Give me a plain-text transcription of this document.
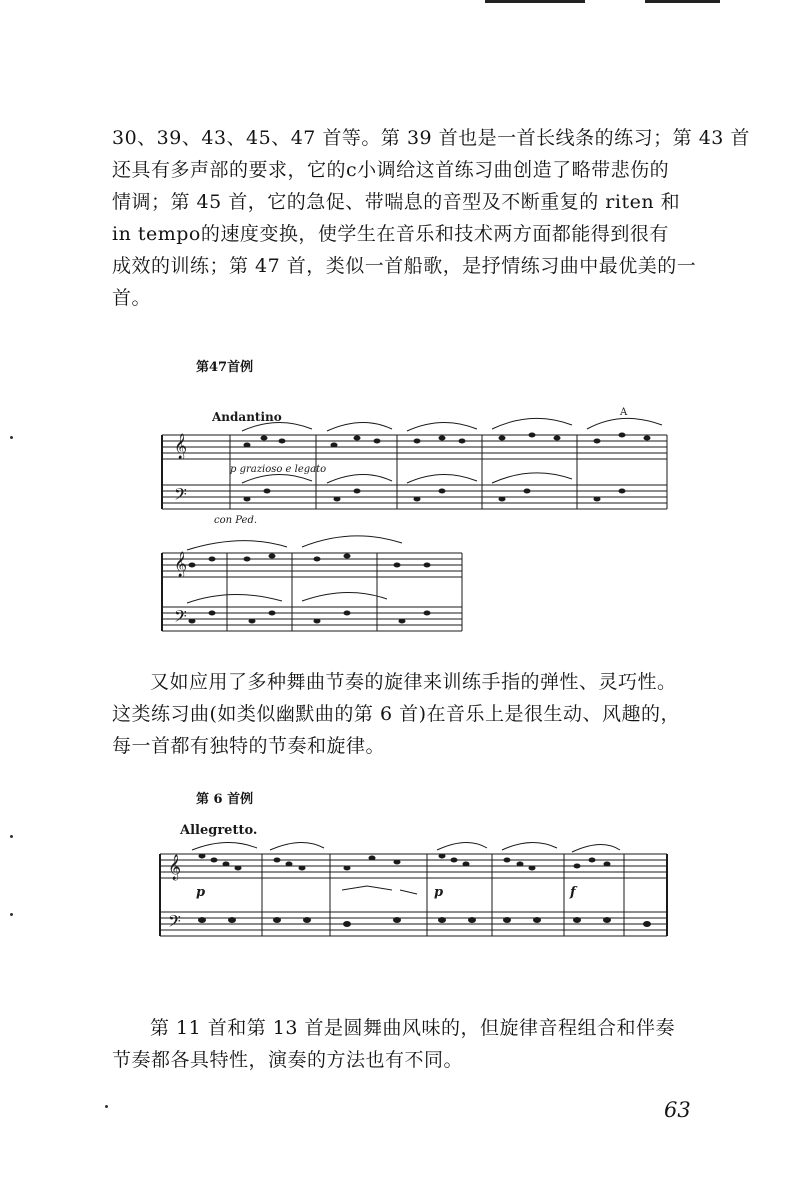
30、39、43、45、47 首等。第 39 首也是一首长线条的练习；第 43 首
还具有多声部的要求，它的c小调给这首练习曲创造了略带悲伤的
情调；第 45 首，它的急促、带喘息的音型及不断重复的 riten 和
in tempo的速度变换，使学生在音乐和技术两方面都能得到很有
成效的训练；第 47 首，类似一首船歌，是抒情练习曲中最优美的一
首。
第47首例
𝄞
𝄢
𝄞
𝄢
Andantino	A
p grazioso e legato
con Ped.
又如应用了多种舞曲节奏的旋律来训练手指的弹性、灵巧性。
这类练习曲(如类似幽默曲的第 6 首)在音乐上是很生动、风趣的，
每一首都有独特的节奏和旋律。
第 6 首例
𝄞
𝄢
Allegretto.
p	p	f
第 11 首和第 13 首是圆舞曲风味的，但旋律音程组合和伴奏
节奏都各具特性，演奏的方法也有不同。
63
